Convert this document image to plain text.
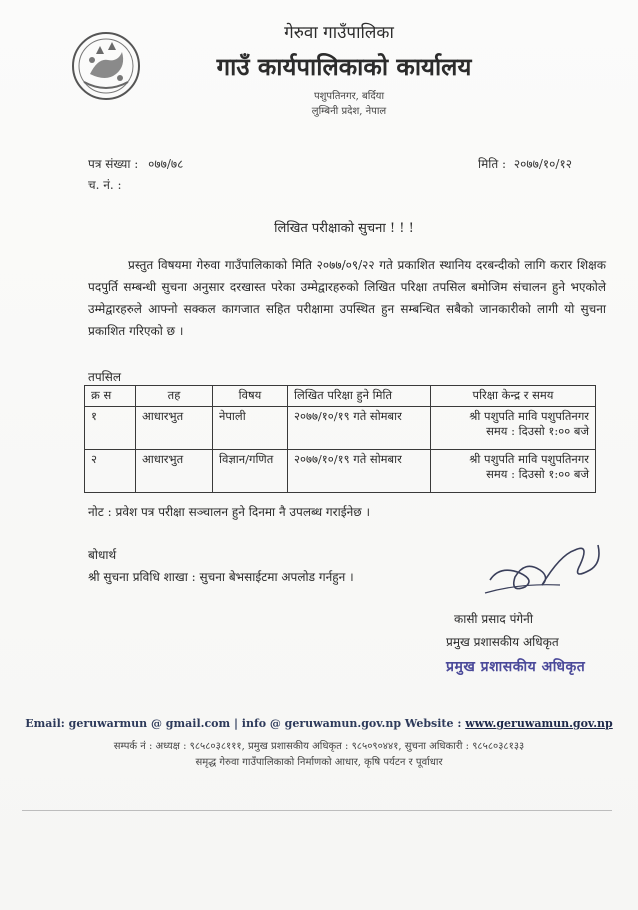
गेरुवा गाउँपालिका
गाउँ कार्यपालिकाको कार्यालय
पशुपतिनगर, बर्दिया
लुम्बिनी प्रदेश, नेपाल
पत्र संख्या : ०७७/७८
च. नं. :
मिति : २०७७/१०/१२
लिखित परीक्षाको सुचना ! ! !
प्रस्तुत विषयमा गेरुवा गाउँपालिकाको मिति २०७७/०९/२२ गते प्रकाशित स्थानिय दरबन्दीको लागि करार शिक्षक पदपुर्ति सम्बन्धी सुचना अनुसार दरखास्त परेका उम्मेद्वारहरुको लिखित परिक्षा तपसिल बमोजिम संचालन हुने भएकोले उम्मेद्वारहरुले आफ्नो सक्कल कागजात सहित परीक्षामा उपस्थित हुन सम्बन्धित सबैको जानकारीको लागी यो सुचना प्रकाशित गरिएको छ ।
तपसिल
क्र स	तह	विषय	लिखित परिक्षा हुने मिति	परिक्षा केन्द्र र समय
१	आधारभुत	नेपाली	२०७७/१०/१९ गते सोमबार	श्री पशुपति मावि पशुपतिनगर
समय : दिउसो १:०० बजे

२	आधारभुत	विज्ञान/गणित	२०७७/१०/१९ गते सोमबार	श्री पशुपति मावि पशुपतिनगर
समय : दिउसो १:०० बजे
नोट : प्रवेश पत्र परीक्षा सञ्चालन हुने दिनमा नै उपलब्ध गराईनेछ ।
बोधार्थ
श्री सुचना प्रविधि शाखा : सुचना बेभसाईटमा अपलोड गर्नहुन ।
कासी प्रसाद पंगेनी
प्रमुख प्रशासकीय अधिकृत
प्रमुख प्रशासकीय अधिकृत
Email: geruwarmun @ gmail.com | info @ geruwamun.gov.np Website : www.geruwamun.gov.np
सम्पर्क नं : अध्यक्ष : ९८५८०३८१११, प्रमुख प्रशासकीय अधिकृत : ९८५०९०४४१, सुचना अधिकारी : ९८५८०३८१३३
समृद्ध गेरुवा गाउँपालिकाको निर्माणको आधार, कृषि पर्यटन र पूर्वाधार
